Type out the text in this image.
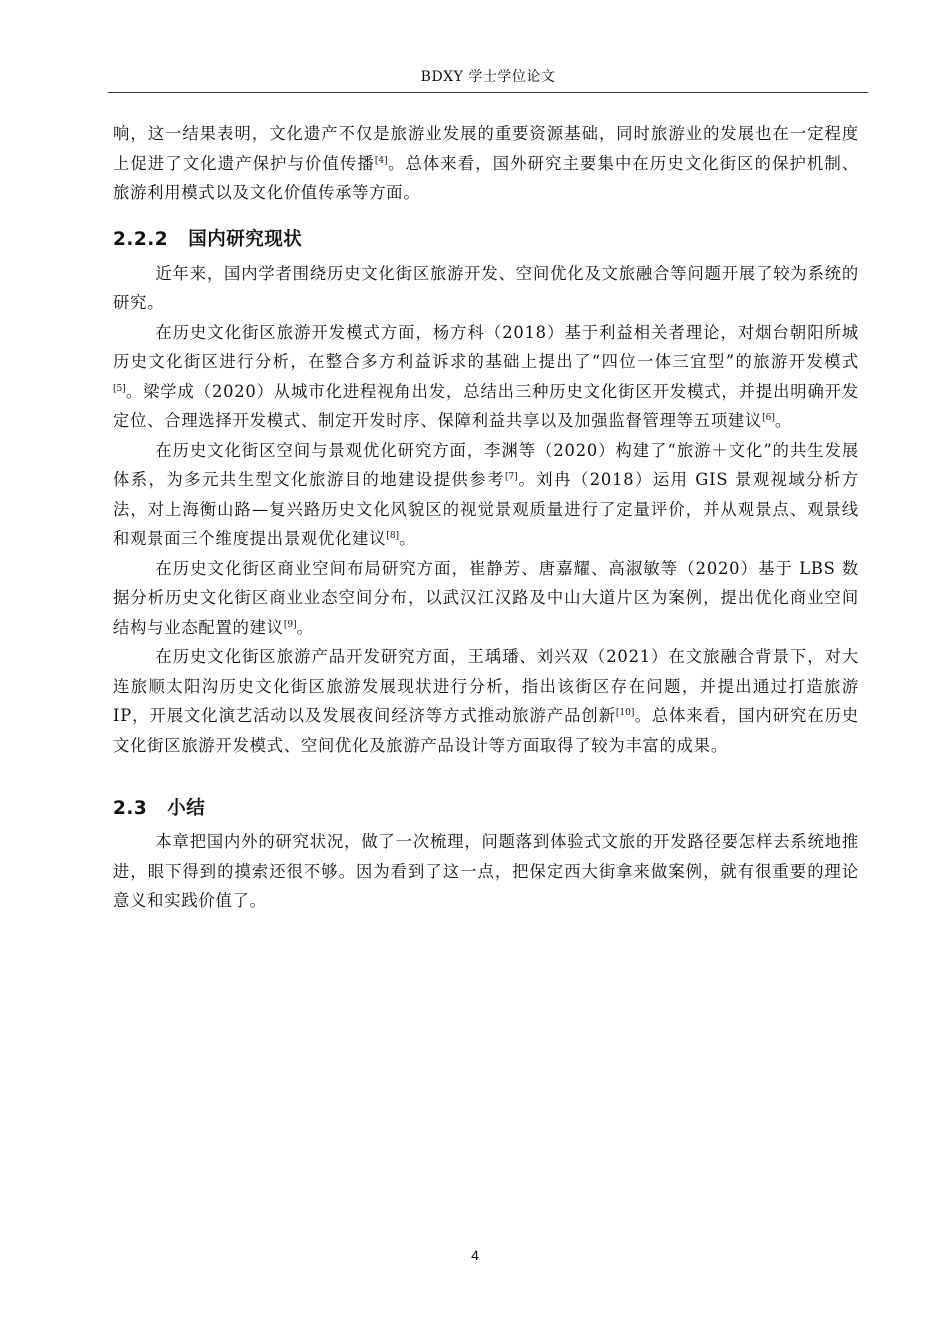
BDXY 学士学位论文

响，这一结果表明，文化遗产不仅是旅游业发展的重要资源基础，同时旅游业的发展也在一定程度上促进了文化遗产保护与价值传播[4]。总体来看，国外研究主要集中在历史文化街区的保护机制、旅游利用模式以及文化价值传承等方面。

2.2.2 国内研究现状

近年来，国内学者围绕历史文化街区旅游开发、空间优化及文旅融合等问题开展了较为系统的研究。

在历史文化街区旅游开发模式方面，杨方科（2018）基于利益相关者理论，对烟台朝阳所城历史文化街区进行分析，在整合多方利益诉求的基础上提出了“四位一体三宜型”的旅游开发模式[5]。梁学成（2020）从城市化进程视角出发，总结出三种历史文化街区开发模式，并提出明确开发定位、合理选择开发模式、制定开发时序、保障利益共享以及加强监督管理等五项建议[6]。

在历史文化街区空间与景观优化研究方面，李渊等（2020）构建了“旅游＋文化”的共生发展体系，为多元共生型文化旅游目的地建设提供参考[7]。刘冉（2018）运用 GIS 景观视域分析方法，对上海衡山路—复兴路历史文化风貌区的视觉景观质量进行了定量评价，并从观景点、观景线和观景面三个维度提出景观优化建议[8]。

在历史文化街区商业空间布局研究方面，崔静芳、唐嘉耀、高淑敏等（2020）基于 LBS 数据分析历史文化街区商业业态空间分布，以武汉江汉路及中山大道片区为案例，提出优化商业空间结构与业态配置的建议[9]。

在历史文化街区旅游产品开发研究方面，王瑀璠、刘兴双（2021）在文旅融合背景下，对大连旅顺太阳沟历史文化街区旅游发展现状进行分析，指出该街区存在问题，并提出通过打造旅游 IP，开展文化演艺活动以及发展夜间经济等方式推动旅游产品创新[10]。总体来看，国内研究在历史文化街区旅游开发模式、空间优化及旅游产品设计等方面取得了较为丰富的成果。

2.3 小结

本章把国内外的研究状况，做了一次梳理，问题落到体验式文旅的开发路径要怎样去系统地推进，眼下得到的摸索还很不够。因为看到了这一点，把保定西大街拿来做案例，就有很重要的理论意义和实践价值了。

4
